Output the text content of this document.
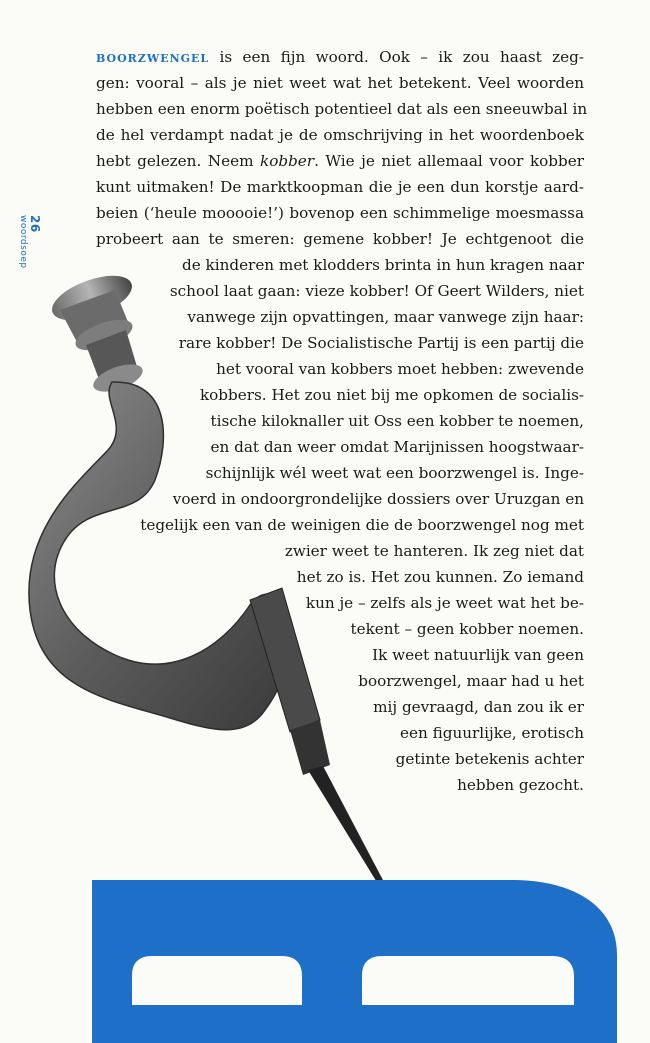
26
woordsoep
boorzwengel is een fijn woord. Ook – ik zou haast zeg-
gen: vooral – als je niet weet wat het betekent. Veel woorden
hebben een enorm poëtisch potentieel dat als een sneeuwbal in
de hel verdampt nadat je de omschrijving in het woordenboek
hebt gelezen. Neem kobber. Wie je niet allemaal voor kobber
kunt uitmaken! De marktkoopman die je een dun korstje aard-
beien (‘heule mooooie!’) bovenop een schimmelige moesmassa
probeert aan te smeren: gemene kobber! Je echtgenoot die
de kinderen met klodders brinta in hun kragen naar
school laat gaan: vieze kobber! Of Geert Wilders, niet
vanwege zijn opvattingen, maar vanwege zijn haar:
rare kobber! De Socialistische Partij is een partij die
het vooral van kobbers moet hebben: zwevende
kobbers. Het zou niet bij me opkomen de socialis-
tische kiloknaller uit Oss een kobber te noemen,
en dat dan weer omdat Marijnissen hoogstwaar-
schijnlijk wél weet wat een boorzwengel is. Inge-
voerd in ondoorgrondelijke dossiers over Uruzgan en
tegelijk een van de weinigen die de boorzwengel nog met
zwier weet te hanteren. Ik zeg niet dat
het zo is. Het zou kunnen. Zo iemand
kun je – zelfs als je weet wat het be-
tekent – geen kobber noemen.
Ik weet natuurlijk van geen
boorzwengel, maar had u het
mij gevraagd, dan zou ik er
een figuurlijke, erotisch
getinte betekenis achter
hebben gezocht.
